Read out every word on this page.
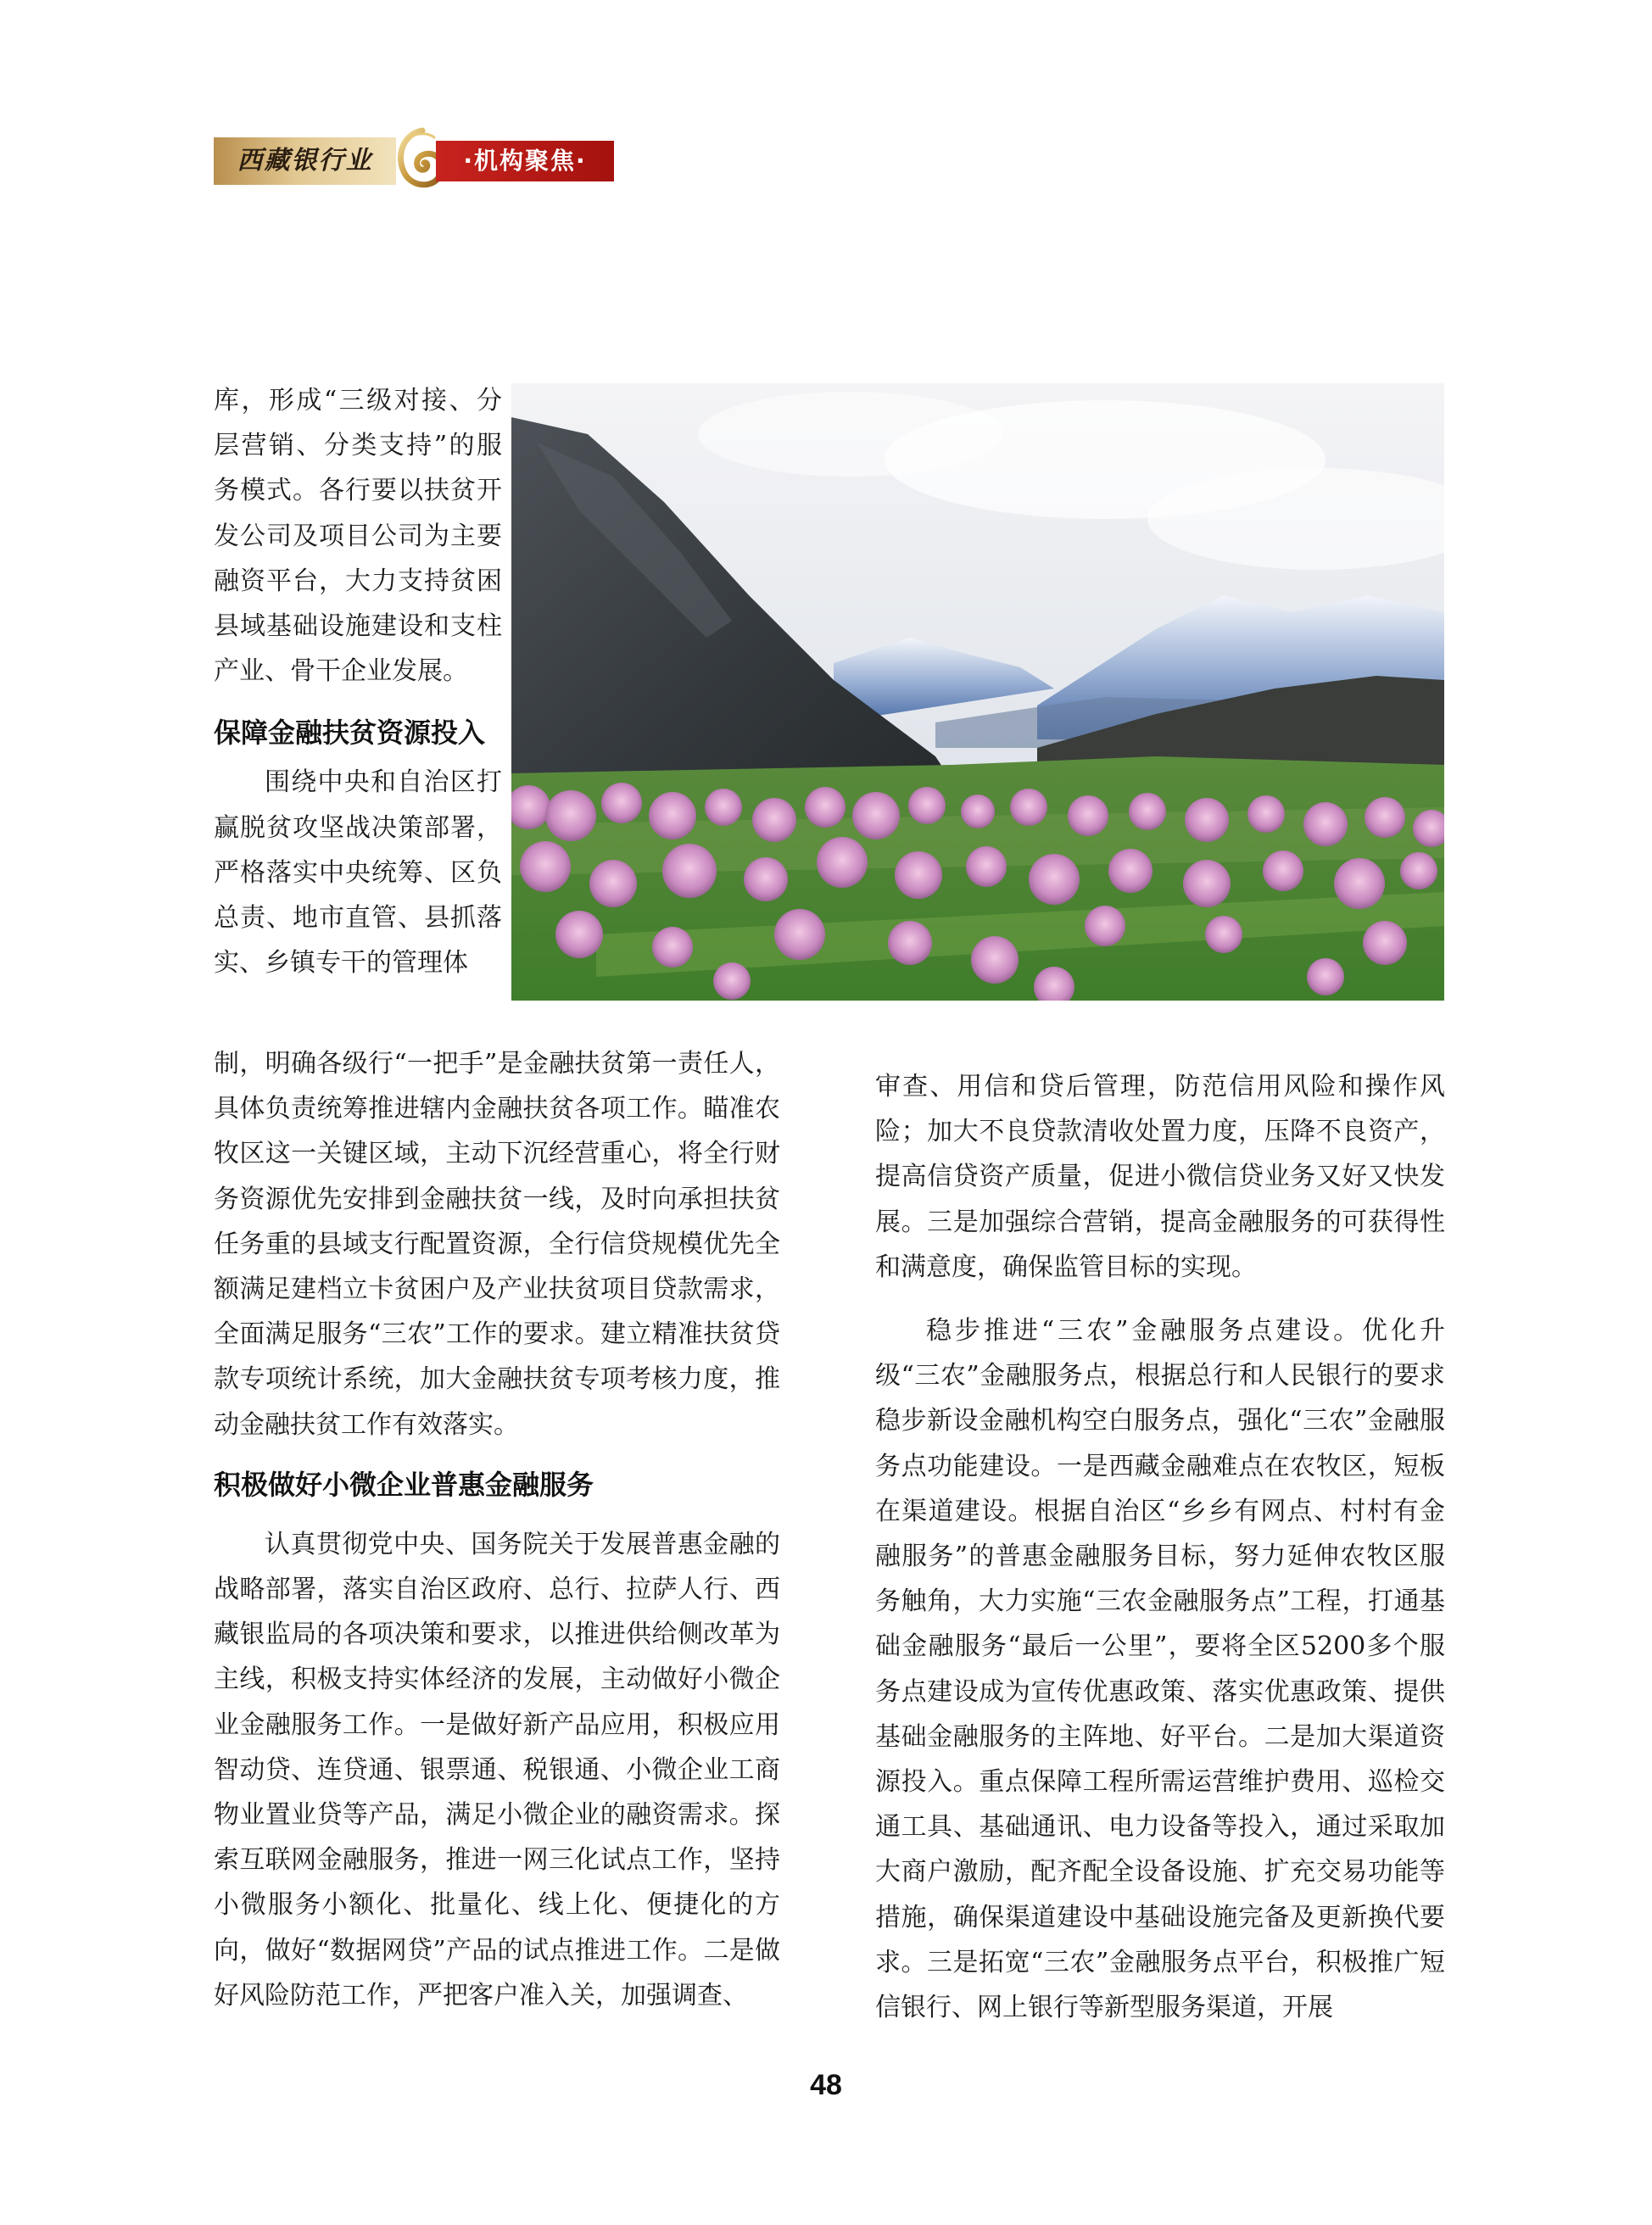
西藏银行业	·机构聚焦·

库，形成“三级对接、分层营销、分类支持”的服务模式。各行要以扶贫开发公司及项目公司为主要融资平台，大力支持贫困县域基础设施建设和支柱产业、骨干企业发展。

保障金融扶贫资源投入

围绕中央和自治区打赢脱贫攻坚战决策部署，严格落实中央统筹、区负总责、地市直管、县抓落实、乡镇专干的管理体

制，明确各级行“一把手”是金融扶贫第一责任人，具体负责统筹推进辖内金融扶贫各项工作。瞄准农牧区这一关键区域，主动下沉经营重心，将全行财务资源优先安排到金融扶贫一线，及时向承担扶贫任务重的县域支行配置资源，全行信贷规模优先全额满足建档立卡贫困户及产业扶贫项目贷款需求，全面满足服务“三农”工作的要求。建立精准扶贫贷款专项统计系统，加大金融扶贫专项考核力度，推动金融扶贫工作有效落实。

积极做好小微企业普惠金融服务

认真贯彻党中央、国务院关于发展普惠金融的战略部署，落实自治区政府、总行、拉萨人行、西藏银监局的各项决策和要求，以推进供给侧改革为主线，积极支持实体经济的发展，主动做好小微企业金融服务工作。一是做好新产品应用，积极应用智动贷、连贷通、银票通、税银通、小微企业工商物业置业贷等产品，满足小微企业的融资需求。探索互联网金融服务，推进一网三化试点工作，坚持小微服务小额化、批量化、线上化、便捷化的方向，做好“数据网贷”产品的试点推进工作。二是做好风险防范工作，严把客户准入关，加强调查、

审查、用信和贷后管理，防范信用风险和操作风险；加大不良贷款清收处置力度，压降不良资产，提高信贷资产质量，促进小微信贷业务又好又快发展。三是加强综合营销，提高金融服务的可获得性和满意度，确保监管目标的实现。

稳步推进“三农”金融服务点建设。优化升级“三农”金融服务点，根据总行和人民银行的要求稳步新设金融机构空白服务点，强化“三农”金融服务点功能建设。一是西藏金融难点在农牧区，短板在渠道建设。根据自治区“乡乡有网点、村村有金融服务”的普惠金融服务目标，努力延伸农牧区服务触角，大力实施“三农金融服务点”工程，打通基础金融服务“最后一公里”，要将全区5200多个服务点建设成为宣传优惠政策、落实优惠政策、提供基础金融服务的主阵地、好平台。二是加大渠道资源投入。重点保障工程所需运营维护费用、巡检交通工具、基础通讯、电力设备等投入，通过采取加大商户激励，配齐配全设备设施、扩充交易功能等措施，确保渠道建设中基础设施完备及更新换代要求。三是拓宽“三农”金融服务点平台，积极推广短信银行、网上银行等新型服务渠道，开展

48
